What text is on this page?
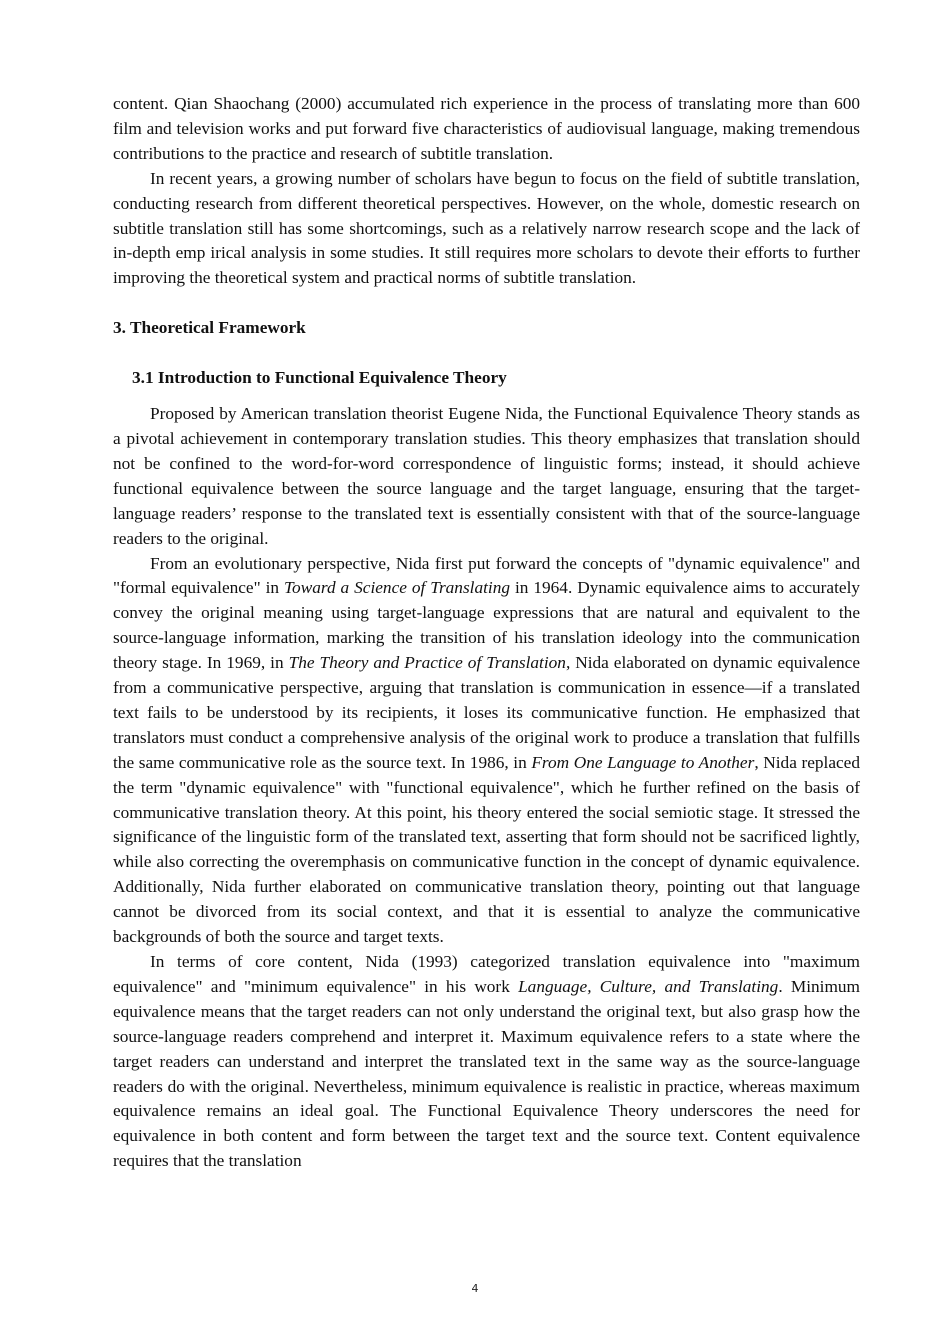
content. Qian Shaochang (2000) accumulated rich experience in the process of translating more than 600 film and television works and put forward five characteristics of audiovisual language, making tremendous contributions to the practice and research of subtitle translation.

In recent years, a growing number of scholars have begun to focus on the field of subtitle translation, conducting research from different theoretical perspectives. However, on the whole, domestic research on subtitle translation still has some shortcomings, such as a relatively narrow research scope and the lack of in-depth emp irical analysis in some studies. It still requires more scholars to devote their efforts to further improving the theoretical system and practical norms of subtitle translation.

3. Theoretical Framework
3.1 Introduction to Functional Equivalence Theory

Proposed by American translation theorist Eugene Nida, the Functional Equivalence Theory stands as a pivotal achievement in contemporary translation studies. This theory emphasizes that translation should not be confined to the word-for-word correspondence of linguistic forms; instead, it should achieve functional equivalence between the source language and the target language, ensuring that the target-language readers’ response to the translated text is essentially consistent with that of the source-language readers to the original.

From an evolutionary perspective, Nida first put forward the concepts of "dynamic equivalence" and "formal equivalence" in Toward a Science of Translating in 1964. Dynamic equivalence aims to accurately convey the original meaning using target-language expressions that are natural and equivalent to the source-language information, marking the transition of his translation ideology into the communication theory stage. In 1969, in The Theory and Practice of Translation, Nida elaborated on dynamic equivalence from a communicative perspective, arguing that translation is communication in essence—if a translated text fails to be understood by its recipients, it loses its communicative function. He emphasized that translators must conduct a comprehensive analysis of the original work to produce a translation that fulfills the same communicative role as the source text. In 1986, in From One Language to Another, Nida replaced the term "dynamic equivalence" with "functional equivalence", which he further refined on the basis of communicative translation theory. At this point, his theory entered the social semiotic stage. It stressed the significance of the linguistic form of the translated text, asserting that form should not be sacrificed lightly, while also correcting the overemphasis on communicative function in the concept of dynamic equivalence. Additionally, Nida further elaborated on communicative translation theory, pointing out that language cannot be divorced from its social context, and that it is essential to analyze the communicative backgrounds of both the source and target texts.

In terms of core content, Nida (1993) categorized translation equivalence into "maximum equivalence" and "minimum equivalence" in his work Language, Culture, and Translating. Minimum equivalence means that the target readers can not only understand the original text, but also grasp how the source-language readers comprehend and interpret it. Maximum equivalence refers to a state where the target readers can understand and interpret the translated text in the same way as the source-language readers do with the original. Nevertheless, minimum equivalence is realistic in practice, whereas maximum equivalence remains an ideal goal. The Functional Equivalence Theory underscores the need for equivalence in both content and form between the target text and the source text. Content equivalence requires that the translation

4
